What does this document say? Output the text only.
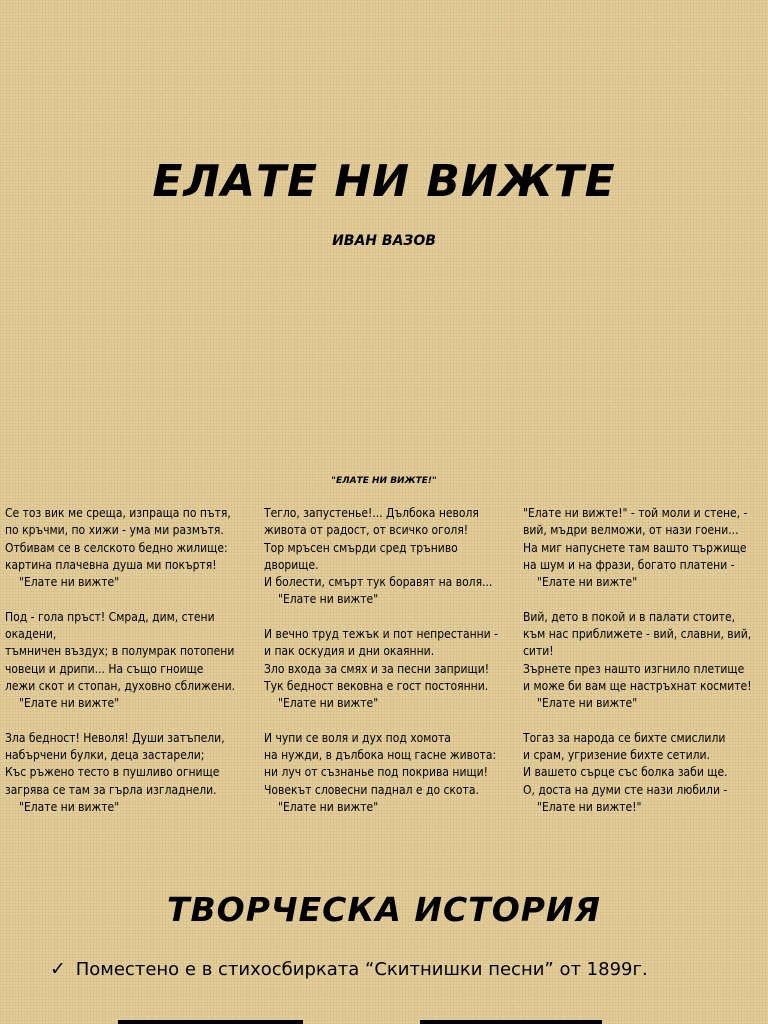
ЕЛАТЕ НИ ВИЖТЕ
ИВАН ВАЗОВ
"ЕЛАТЕ НИ ВИЖТЕ!"
Се тоз вик ме среща, изпраща по пътя,
по кръчми, по хижи - ума ми размътя.
Отбивам се в селското бедно жилище:
картина плачевна душа ми покъртя!
"Елате ни вижте"
Под - гола пръст! Смрад, дим, стени
окадени,
тъмничен въздух; в полумрак потопени
човеци и дрипи... На също гноище
лежи скот и стопан, духовно сближени.
"Елате ни вижте"
Зла бедност! Неволя! Души затъпели,
набърчени булки, деца застарели;
Къс ръжено тесто в пушливо огнище
загрява се там за гърла изгладнели.
"Елате ни вижте"
Тегло, запустенье!... Дълбока неволя
живота от радост, от всичко оголя!
Тор мръсен смърди сред тръниво
дворище.
И болести, смърт тук боравят на воля...
"Елате ни вижте"
И вечно труд тежък и пот непрестанни -
и пак оскудия и дни окаянни.
Зло входа за смях и за песни заприщи!
Тук бедност вековна е гост постоянни.
"Елате ни вижте"
И чупи се воля и дух под хомота
на нужди, в дълбока нощ гасне живота:
ни луч от съзнанье под покрива нищи!
Човекът словесни паднал е до скота.
"Елате ни вижте"
"Елате ни вижте!" - той моли и стене, -
вий, мъдри велможи, от нази гоени...
На миг напуснете там вашто тържище
на шум и на фрази, богато платени -
"Елате ни вижте"
Вий, дето в покой и в палати стоите,
към нас приближете - вий, славни, вий,
сити!
Зърнете през нашто изгнило плетище
и може би вам ще настръхнат космите!
"Елате ни вижте"
Тогаз за народа се бихте смислили
и срам, угризение бихте сетили.
И вашето сърце със болка заби ще.
О, доста на думи сте нази любили -
"Елате ни вижте!"
ТВОРЧЕСКА ИСТОРИЯ
✓ Поместено е в стихосбирката “Скитнишки песни” от 1899г.
